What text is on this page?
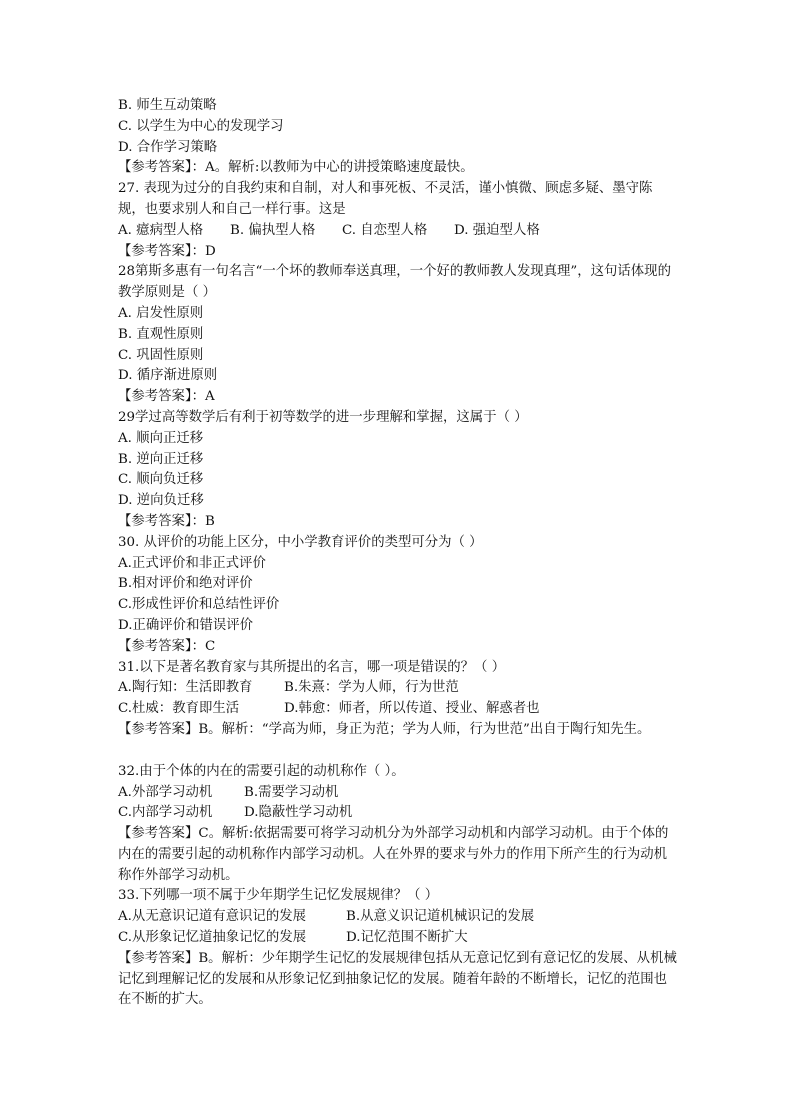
B. 师生互动策略
C. 以学生为中心的发现学习
D. 合作学习策略
【参考答案】：A。解析:以教师为中心的讲授策略速度最快。
27. 表现为过分的自我约束和自制，对人和事死板、不灵活，谨小慎微、顾虑多疑、墨守陈规，也要求别人和自己一样行事。这是
A. 癔病型人格	B. 偏执型人格	C. 自恋型人格	D. 强迫型人格
【参考答案】：D
28第斯多惠有一句名言“一个坏的教师奉送真理，一个好的教师教人发现真理”，这句话体现的教学原则是（ ）
A. 启发性原则
B. 直观性原则
C. 巩固性原则
D. 循序渐进原则
【参考答案】：A
29学过高等数学后有利于初等数学的进一步理解和掌握，这属于（ ）
A. 顺向正迁移
B. 逆向正迁移
C. 顺向负迁移
D. 逆向负迁移
【参考答案】：B
30. 从评价的功能上区分，中小学教育评价的类型可分为（ ）
A.正式评价和非正式评价
B.相对评价和绝对评价
C.形成性评价和总结性评价
D.正确评价和错误评价
【参考答案】：C
31.以下是著名教育家与其所提出的名言，哪一项是错误的？（ ）
A.陶行知：生活即教育 B.朱熹：学为人师，行为世范
C.杜威：教育即生活	D.韩愈：师者，所以传道、授业、解惑者也
【参考答案】B。解析：“学高为师，身正为范；学为人师，行为世范”出自于陶行知先生。
32.由于个体的内在的需要引起的动机称作（ ）。
A.外部学习动机 B.需要学习动机
C.内部学习动机 D.隐蔽性学习动机
【参考答案】C。解析:依据需要可将学习动机分为外部学习动机和内部学习动机。由于个体的内在的需要引起的动机称作内部学习动机。人在外界的要求与外力的作用下所产生的行为动机称作外部学习动机。
33.下列哪一项不属于少年期学生记忆发展规律？（ ）
A.从无意识记道有意识记的发展	B.从意义识记道机械识记的发展
C.从形象记忆道抽象记忆的发展	D.记忆范围不断扩大
【参考答案】B。解析：少年期学生记忆的发展规律包括从无意记忆到有意记忆的发展、从机械记忆到理解记忆的发展和从形象记忆到抽象记忆的发展。随着年龄的不断增长，记忆的范围也在不断的扩大。
